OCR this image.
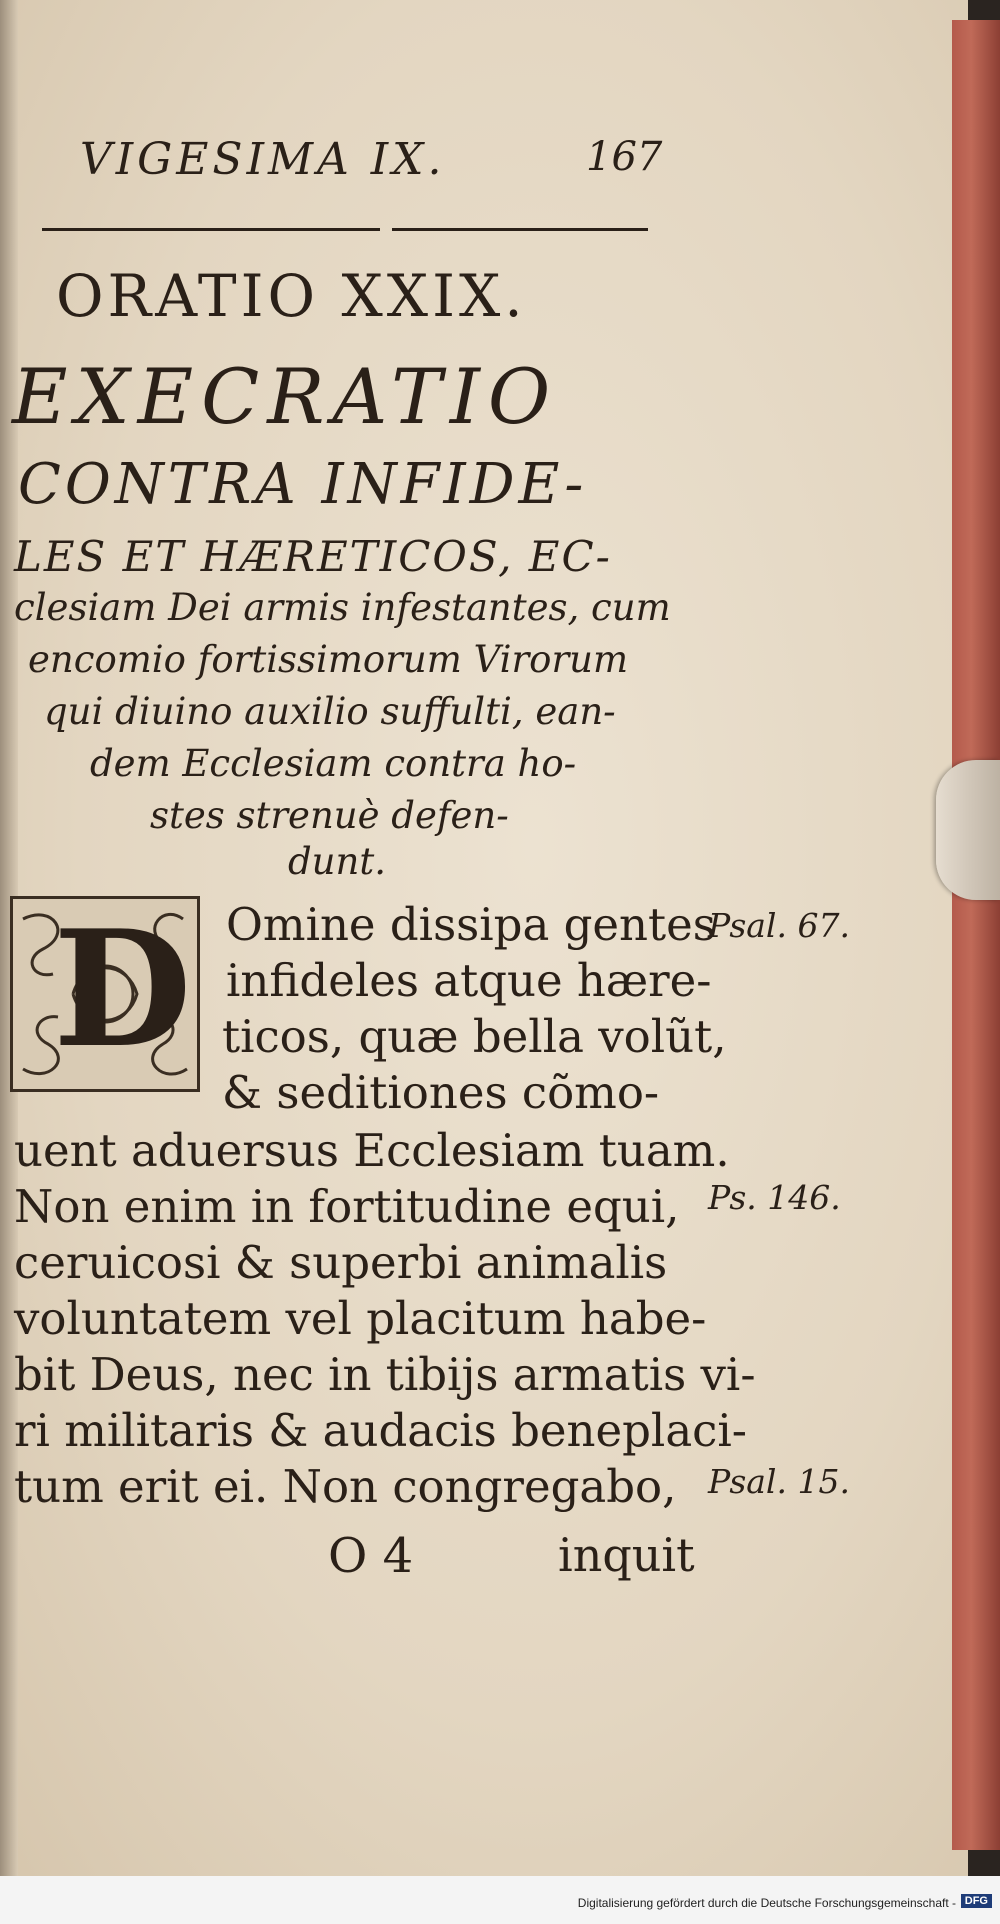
VIGESIMA IX.	167
ORATIO XXIX.
EXECRATIO
CONTRA INFIDE-
LES ET HÆRETICOS, EC-
clesiam Dei armis infestantes, cum
encomio fortissimorum Virorum
qui diuino auxilio suffulti, ean-
dem Ecclesiam contra ho-
stes strenuè defen-
dunt.
D Omine dissipa gentes
infideles atque hære-
ticos, quæ bella volũt,
& seditiones cõmo-
uent aduersus Ecclesiam tuam.
Non enim in fortitudine equi,
ceruicosi & superbi animalis
voluntatem vel placitum habe-
bit Deus, nec in tibijs armatis vi-
ri militaris & audacis beneplaci-
tum erit ei. Non congregabo,
Psal. 67.
Ps. 146.
Psal. 15.
O 4	inquit
Digitalisierung gefördert durch die Deutsche Forschungsgemeinschaft - DFG
